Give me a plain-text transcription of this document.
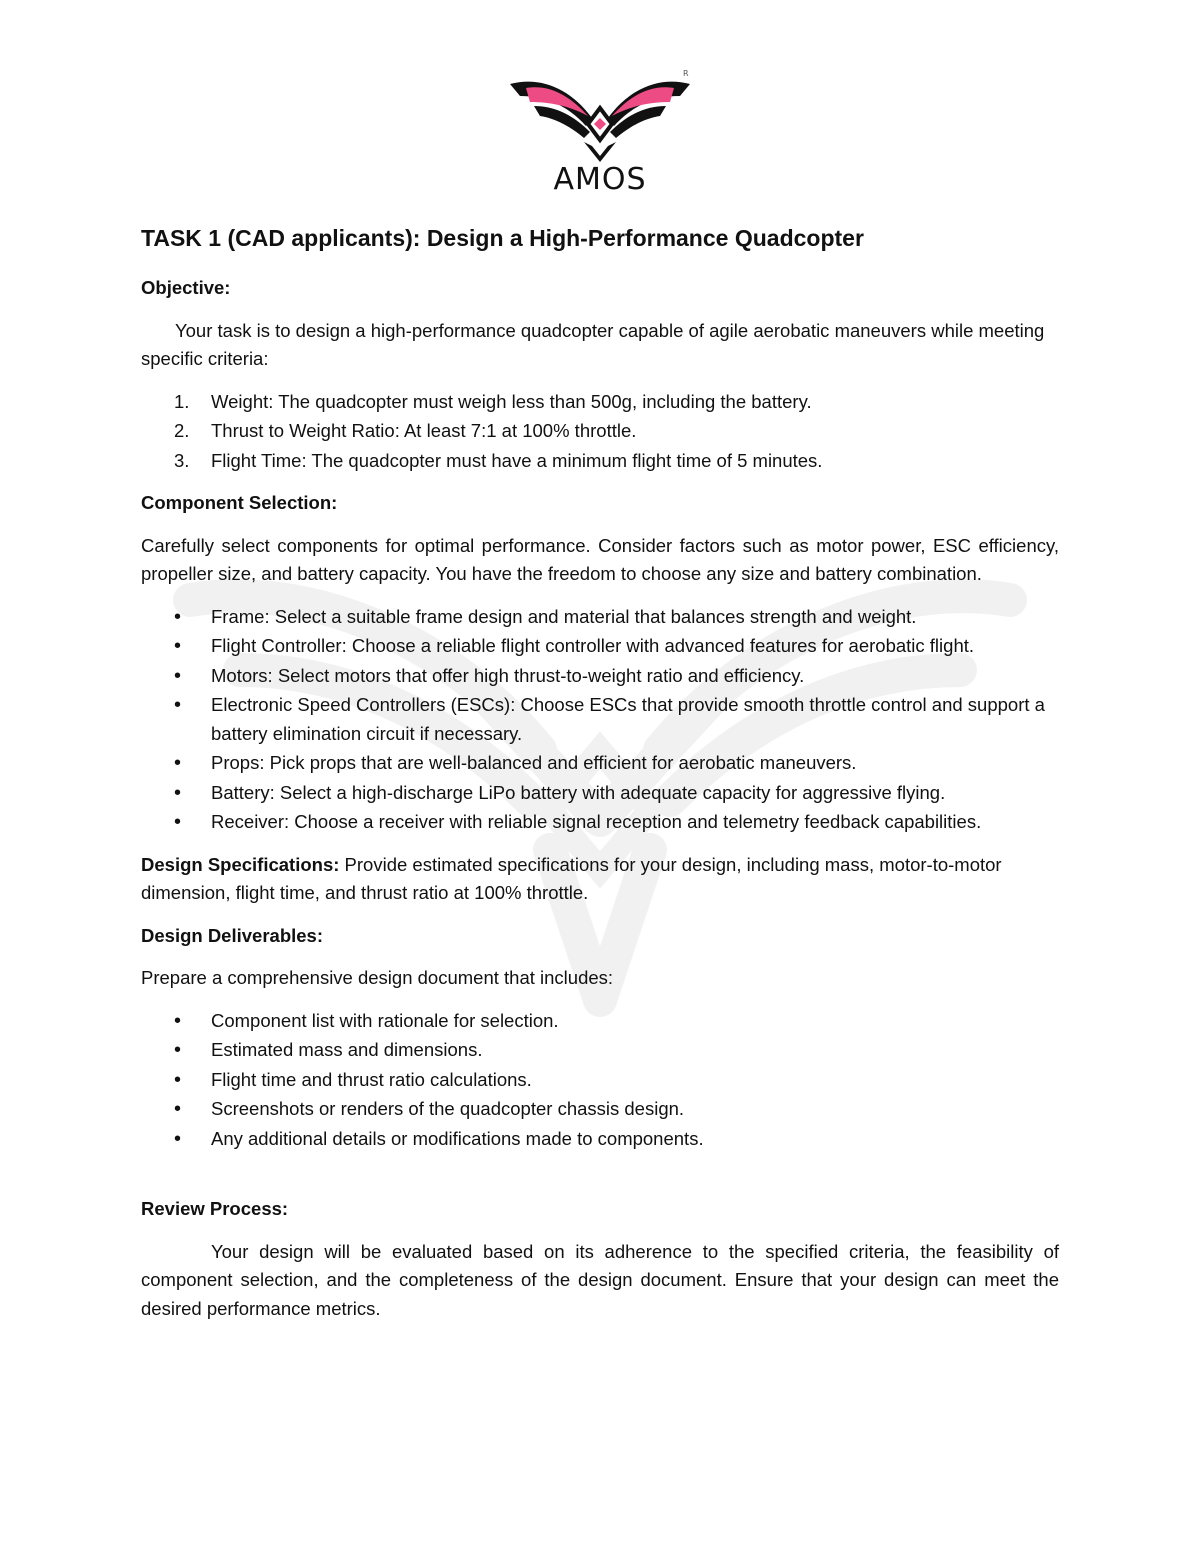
R
AMOS
TASK 1 (CAD applicants): Design a High-Performance Quadcopter
Objective:

Your task is to design a high-performance quadcopter capable of agile aerobatic maneuvers while meeting specific criteria:

1. Weight: The quadcopter must weigh less than 500g, including the battery.
2. Thrust to Weight Ratio: At least 7:1 at 100% throttle.
3. Flight Time: The quadcopter must have a minimum flight time of 5 minutes.
Component Selection:

Carefully select components for optimal performance. Consider factors such as motor power, ESC efficiency, propeller size, and battery capacity. You have the freedom to choose any size and battery combination.

• Frame: Select a suitable frame design and material that balances strength and weight.
• Flight Controller: Choose a reliable flight controller with advanced features for aerobatic flight.
• Motors: Select motors that offer high thrust-to-weight ratio and efficiency.
• Electronic Speed Controllers (ESCs): Choose ESCs that provide smooth throttle control and support a battery elimination circuit if necessary.
• Props: Pick props that are well-balanced and efficient for aerobatic maneuvers.
• Battery: Select a high-discharge LiPo battery with adequate capacity for aggressive flying.
• Receiver: Choose a receiver with reliable signal reception and telemetry feedback capabilities.

Design Specifications: Provide estimated specifications for your design, including mass, motor-to-motor dimension, flight time, and thrust ratio at 100% throttle.

Design Deliverables:

Prepare a comprehensive design document that includes:

• Component list with rationale for selection.
• Estimated mass and dimensions.
• Flight time and thrust ratio calculations.
• Screenshots or renders of the quadcopter chassis design.
• Any additional details or modifications made to components.
Review Process:

Your design will be evaluated based on its adherence to the specified criteria, the feasibility of component selection, and the completeness of the design document. Ensure that your design can meet the desired performance metrics.
